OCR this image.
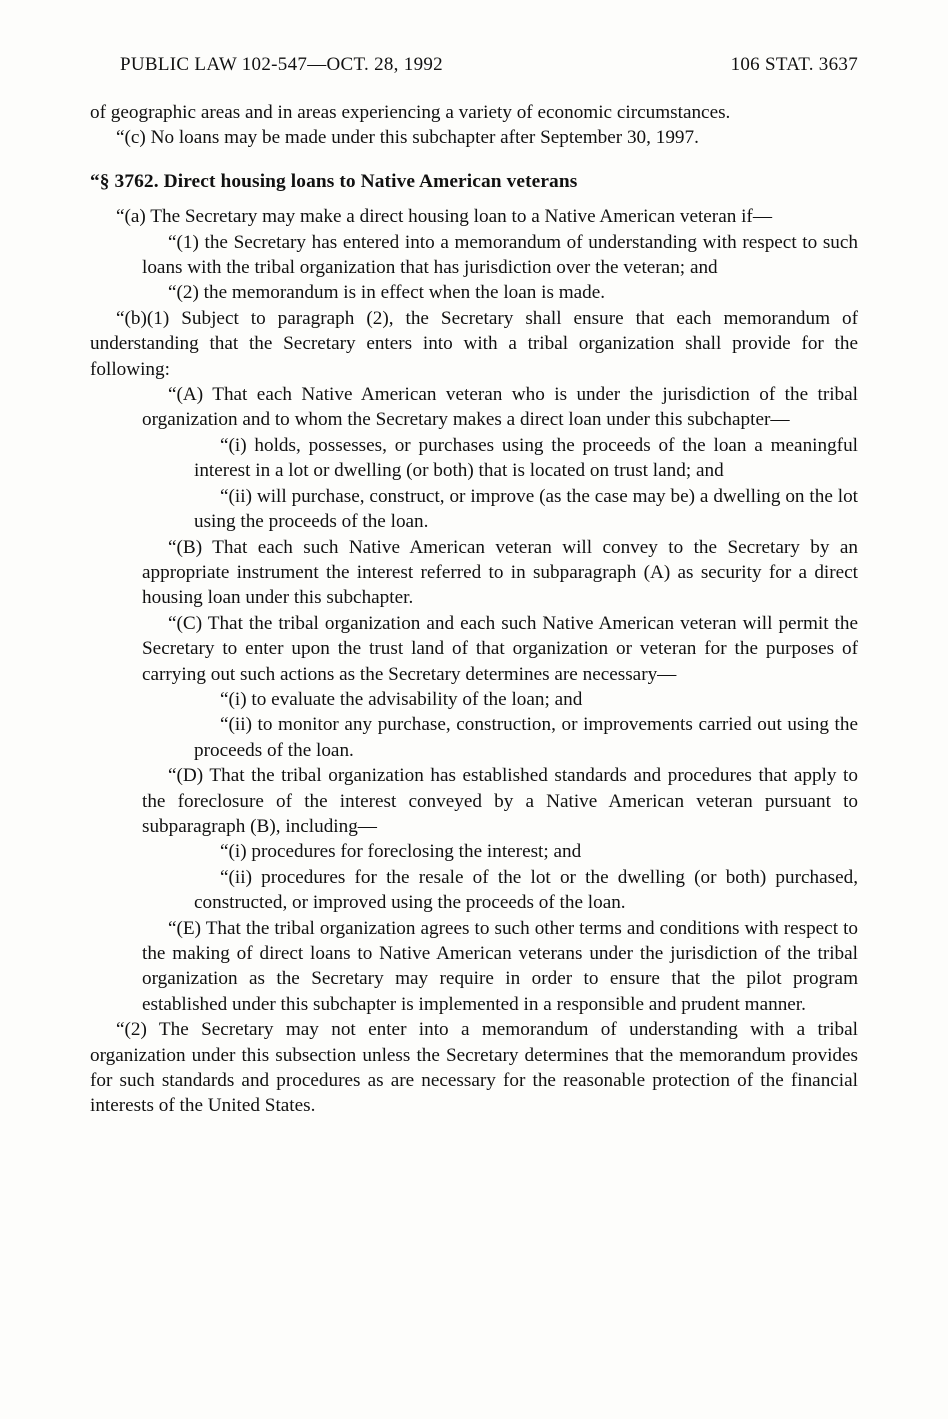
PUBLIC LAW 102-547—OCT. 28, 1992	106 STAT. 3637

of geographic areas and in areas experiencing a variety of economic circumstances.

“(c) No loans may be made under this subchapter after September 30, 1997.

“§ 3762. Direct housing loans to Native American veterans

“(a) The Secretary may make a direct housing loan to a Native American veteran if—

“(1) the Secretary has entered into a memorandum of understanding with respect to such loans with the tribal organization that has jurisdiction over the veteran; and

“(2) the memorandum is in effect when the loan is made.

“(b)(1) Subject to paragraph (2), the Secretary shall ensure that each memorandum of understanding that the Secretary enters into with a tribal organization shall provide for the following:

“(A) That each Native American veteran who is under the jurisdiction of the tribal organization and to whom the Secretary makes a direct loan under this subchapter—

“(i) holds, possesses, or purchases using the proceeds of the loan a meaningful interest in a lot or dwelling (or both) that is located on trust land; and

“(ii) will purchase, construct, or improve (as the case may be) a dwelling on the lot using the proceeds of the loan.

“(B) That each such Native American veteran will convey to the Secretary by an appropriate instrument the interest referred to in subparagraph (A) as security for a direct housing loan under this subchapter.

“(C) That the tribal organization and each such Native American veteran will permit the Secretary to enter upon the trust land of that organization or veteran for the purposes of carrying out such actions as the Secretary determines are necessary—

“(i) to evaluate the advisability of the loan; and

“(ii) to monitor any purchase, construction, or improvements carried out using the proceeds of the loan.

“(D) That the tribal organization has established standards and procedures that apply to the foreclosure of the interest conveyed by a Native American veteran pursuant to subparagraph (B), including—

“(i) procedures for foreclosing the interest; and

“(ii) procedures for the resale of the lot or the dwelling (or both) purchased, constructed, or improved using the proceeds of the loan.

“(E) That the tribal organization agrees to such other terms and conditions with respect to the making of direct loans to Native American veterans under the jurisdiction of the tribal organization as the Secretary may require in order to ensure that the pilot program established under this subchapter is implemented in a responsible and prudent manner.

“(2) The Secretary may not enter into a memorandum of understanding with a tribal organization under this subsection unless the Secretary determines that the memorandum provides for such standards and procedures as are necessary for the reasonable protection of the financial interests of the United States.
